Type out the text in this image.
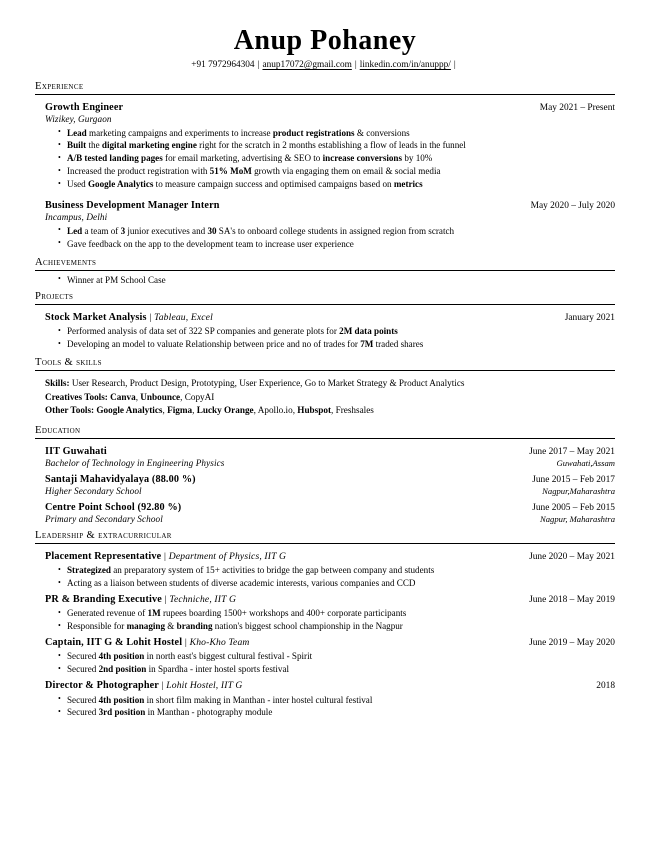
Anup Pohaney
+91 7972964304 | anup17072@gmail.com | linkedin.com/in/anuppp/ |
Experience
Growth Engineer	May 2021 – Present
Wizikey, Gurgaon
• Lead marketing campaigns and experiments to increase product registrations & conversions
• Built the digital marketing engine right for the scratch in 2 months establishing a flow of leads in the funnel
• A/B tested landing pages for email marketing, advertising & SEO to increase conversions by 10%
• Increased the product registration with 51% MoM growth via engaging them on email & social media
• Used Google Analytics to measure campaign success and optimised campaigns based on metrics
Business Development Manager Intern	May 2020 – July 2020
Incampus, Delhi
• Led a team of 3 junior executives and 30 SA's to onboard college students in assigned region from scratch
• Gave feedback on the app to the development team to increase user experience
Achievements
• Winner at PM School Case
Projects
Stock Market Analysis | Tableau, Excel	January 2021
• Performed analysis of data set of 322 SP companies and generate plots for 2M data points
• Developing an model to valuate Relationship between price and no of trades for 7M traded shares
Tools & skills
Skills: User Research, Product Design, Prototyping, User Experience, Go to Market Strategy & Product Analytics
Creatives Tools: Canva, Unbounce, CopyAI
Other Tools: Google Analytics, Figma, Lucky Orange, Apollo.io, Hubspot, Freshsales
Education
IIT Guwahati	June 2017 – May 2021
Bachelor of Technology in Engineering Physics	Guwahati,Assam
Santaji Mahavidyalaya (88.00 %)	June 2015 – Feb 2017
Higher Secondary School	Nagpur,Maharashtra
Centre Point School (92.80 %)	June 2005 – Feb 2015
Primary and Secondary School	Nagpur, Maharashtra
Leadership & extracurricular
Placement Representative | Department of Physics, IIT G	June 2020 – May 2021
• Strategized an preparatory system of 15+ activities to bridge the gap between company and students
• Acting as a liaison between students of diverse academic interests, various companies and CCD
PR & Branding Executive | Techniche, IIT G	June 2018 – May 2019
• Generated revenue of 1M rupees boarding 1500+ workshops and 400+ corporate participants
• Responsible for managing & branding nation's biggest school championship in the Nagpur
Captain, IIT G & Lohit Hostel | Kho-Kho Team	June 2019 – May 2020
• Secured 4th position in north east's biggest cultural festival - Spirit
• Secured 2nd position in Spardha - inter hostel sports festival
Director & Photographer | Lohit Hostel, IIT G	2018
• Secured 4th position in short film making in Manthan - inter hostel cultural festival
• Secured 3rd position in Manthan - photography module
